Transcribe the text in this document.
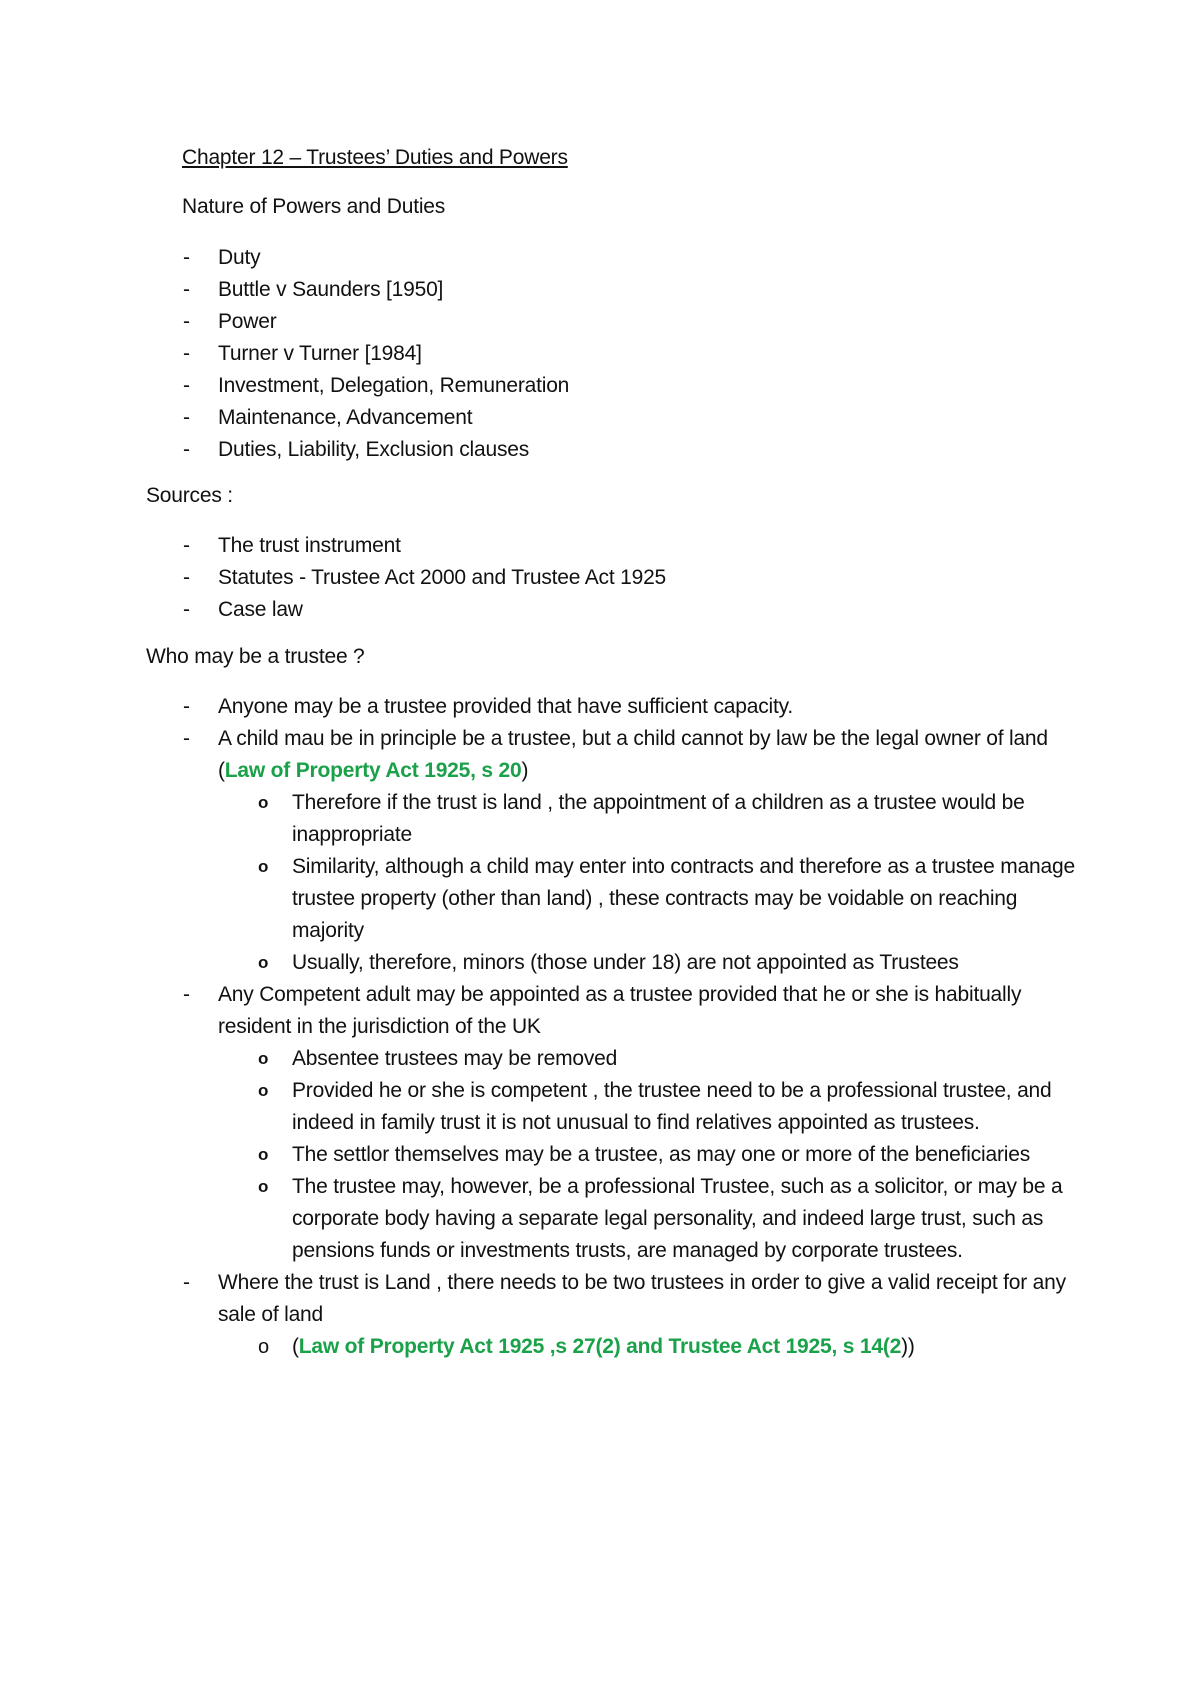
Chapter 12 – Trustees’ Duties and Powers
Nature of Powers and Duties
- Duty
- Buttle v Saunders [1950]
- Power
- Turner v Turner [1984]
- Investment, Delegation, Remuneration
- Maintenance, Advancement
- Duties, Liability, Exclusion clauses
Sources :
- The trust instrument
- Statutes - Trustee Act 2000 and Trustee Act 1925
- Case law
Who may be a trustee ?
- Anyone may be a trustee provided that have sufficient capacity.
- A child mau be in principle be a trustee, but a child cannot by law be the legal owner of land (Law of Property Act 1925, s 20)
o Therefore if the trust is land , the appointment of a children as a trustee would be inappropriate
o Similarity, although a child may enter into contracts and therefore as a trustee manage trustee property (other than land) , these contracts may be voidable on reaching majority
o Usually, therefore, minors (those under 18) are not appointed as Trustees
- Any Competent adult may be appointed as a trustee provided that he or she is habitually resident in the jurisdiction of the UK
o Absentee trustees may be removed
o Provided he or she is competent , the trustee need to be a professional trustee, and indeed in family trust it is not unusual to find relatives appointed as trustees.
o The settlor themselves may be a trustee, as may one or more of the beneficiaries
o The trustee may, however, be a professional Trustee, such as a solicitor, or may be a corporate body having a separate legal personality, and indeed large trust, such as pensions funds or investments trusts, are managed by corporate trustees.
- Where the trust is Land , there needs to be two trustees in order to give a valid receipt for any sale of land
o (Law of Property Act 1925 ,s 27(2) and Trustee Act 1925, s 14(2))
